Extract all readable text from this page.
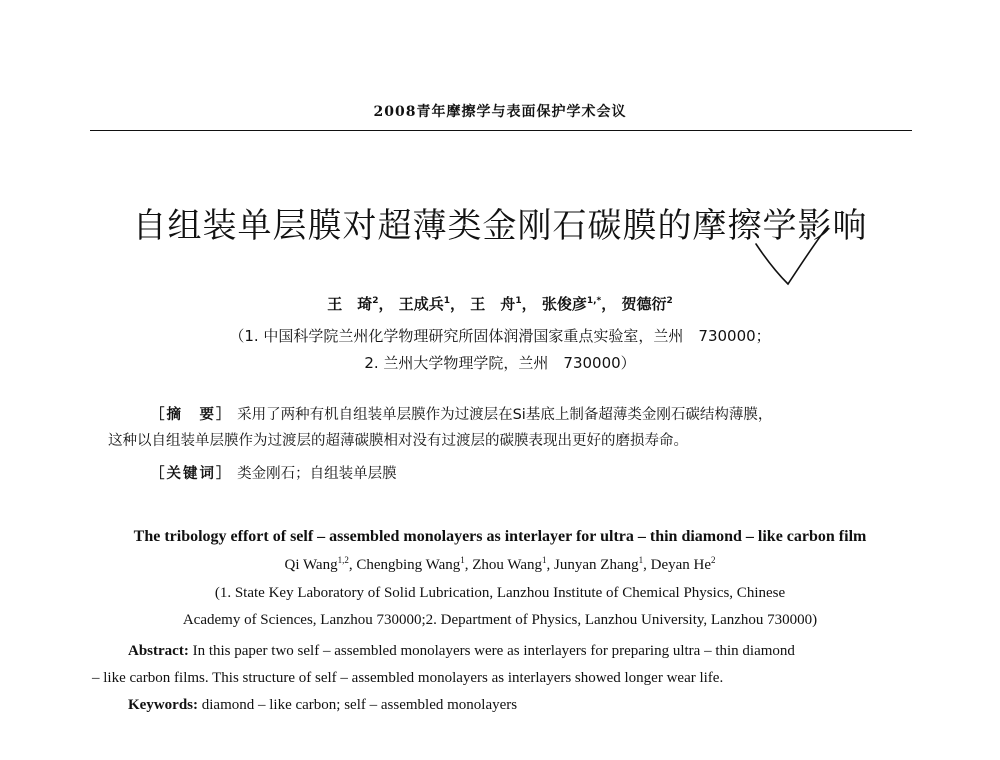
2008青年摩擦学与表面保护学术会议
自组装单层膜对超薄类金刚石碳膜的摩擦学影响
王　琦$^2$， 王成兵$^1$， 王　舟$^1$， 张俊彦$^{1,*}$， 贺德衍$^2$
（1. 中国科学院兰州化学物理研究所固体润滑国家重点实验室，兰州　730000；
2. 兰州大学物理学院，兰州　730000）
［摘　要］ 采用了两种有机自组装单层膜作为过渡层在Si基底上制备超薄类金刚石碳结构薄膜，
这种以自组装单层膜作为过渡层的超薄碳膜相对没有过渡层的碳膜表现出更好的磨损寿命。
［关键词］ 类金刚石；自组装单层膜
The tribology effort of self – assembled monolayers as interlayer for ultra – thin diamond – like carbon film
Qi Wang$^{1,2}$, Chengbing Wang$^1$, Zhou Wang$^1$, Junyan Zhang$^1$, Deyan He$^2$
(1. State Key Laboratory of Solid Lubrication, Lanzhou Institute of Chemical Physics, Chinese
Academy of Sciences, Lanzhou 730000;2. Department of Physics, Lanzhou University, Lanzhou 730000)
Abstract: In this paper two self – assembled monolayers were as interlayers for preparing ultra – thin diamond
– like carbon films. This structure of self – assembled monolayers as interlayers showed longer wear life.
Keywords: diamond – like carbon; self – assembled monolayers
